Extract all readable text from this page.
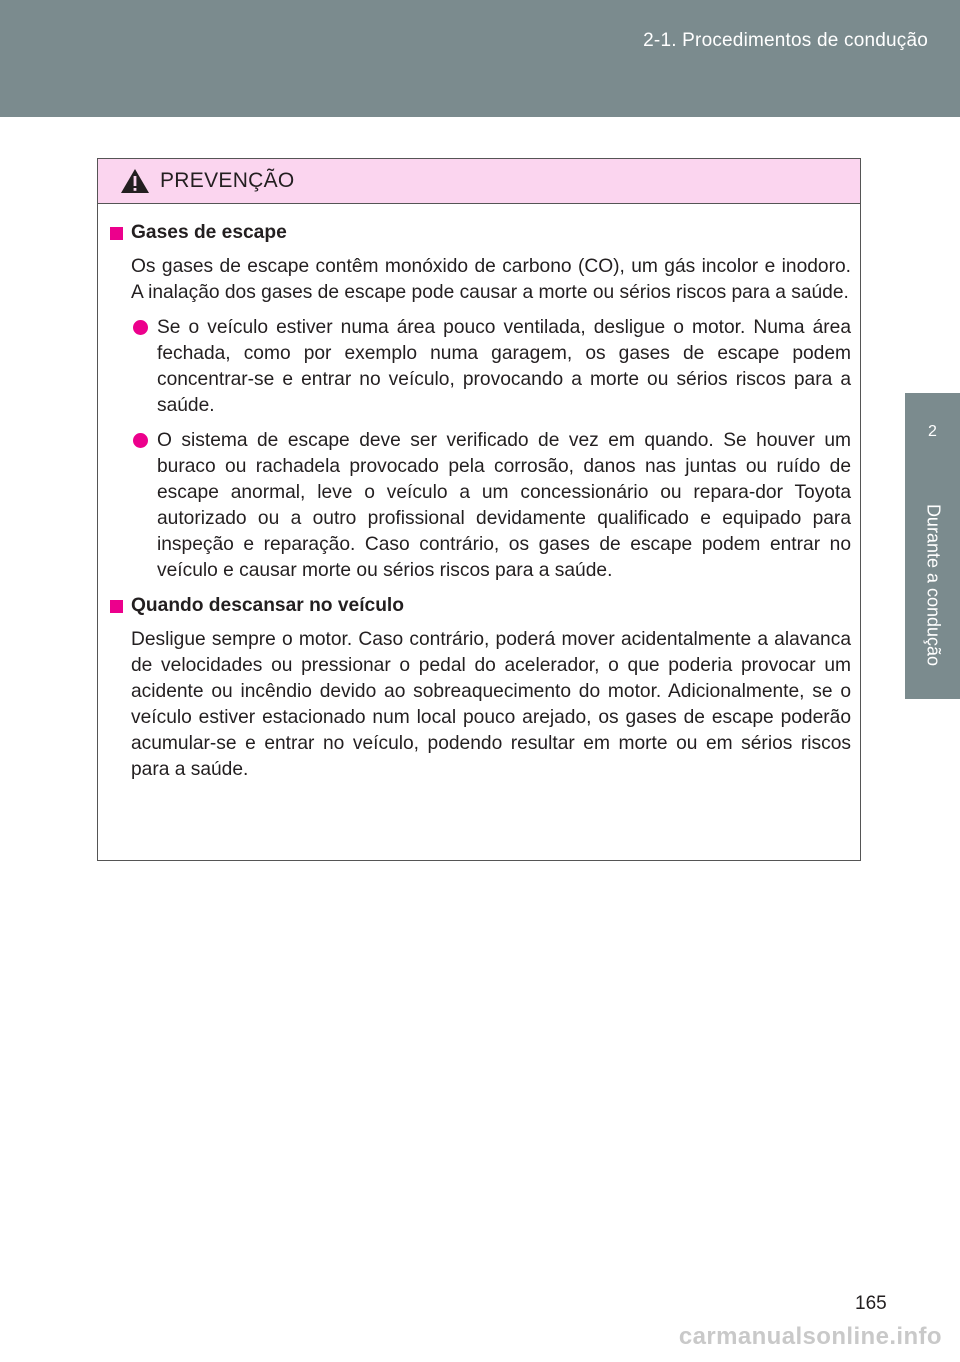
2-1. Procedimentos de condução
2
Durante a condução
PREVENÇÃO
Gases de escape
Os gases de escape contêm monóxido de carbono (CO), um gás incolor e inodoro. A inalação dos gases de escape pode causar a morte ou sérios riscos para a saúde.
Se o veículo estiver numa área pouco ventilada, desligue o motor. Numa área fechada, como por exemplo numa garagem, os gases de escape podem concentrar-se e entrar no veículo, provocando a morte ou sérios riscos para a saúde.
O sistema de escape deve ser verificado de vez em quando. Se houver um buraco ou rachadela provocado pela corrosão, danos nas juntas ou ruído de escape anormal, leve o veículo a um concessionário ou repara-dor Toyota autorizado ou a outro profissional devidamente qualificado e equipado para inspeção e reparação. Caso contrário, os gases de escape podem entrar no veículo e causar morte ou sérios riscos para a saúde.
Quando descansar no veículo
Desligue sempre o motor. Caso contrário, poderá mover acidentalmente a alavanca de velocidades ou pressionar o pedal do acelerador, o que poderia provocar um acidente ou incêndio devido ao sobreaquecimento do motor. Adicionalmente, se o veículo estiver estacionado num local pouco arejado, os gases de escape poderão acumular-se e entrar no veículo, podendo resultar em morte ou em sérios riscos para a saúde.
165
carmanualsonline.info
